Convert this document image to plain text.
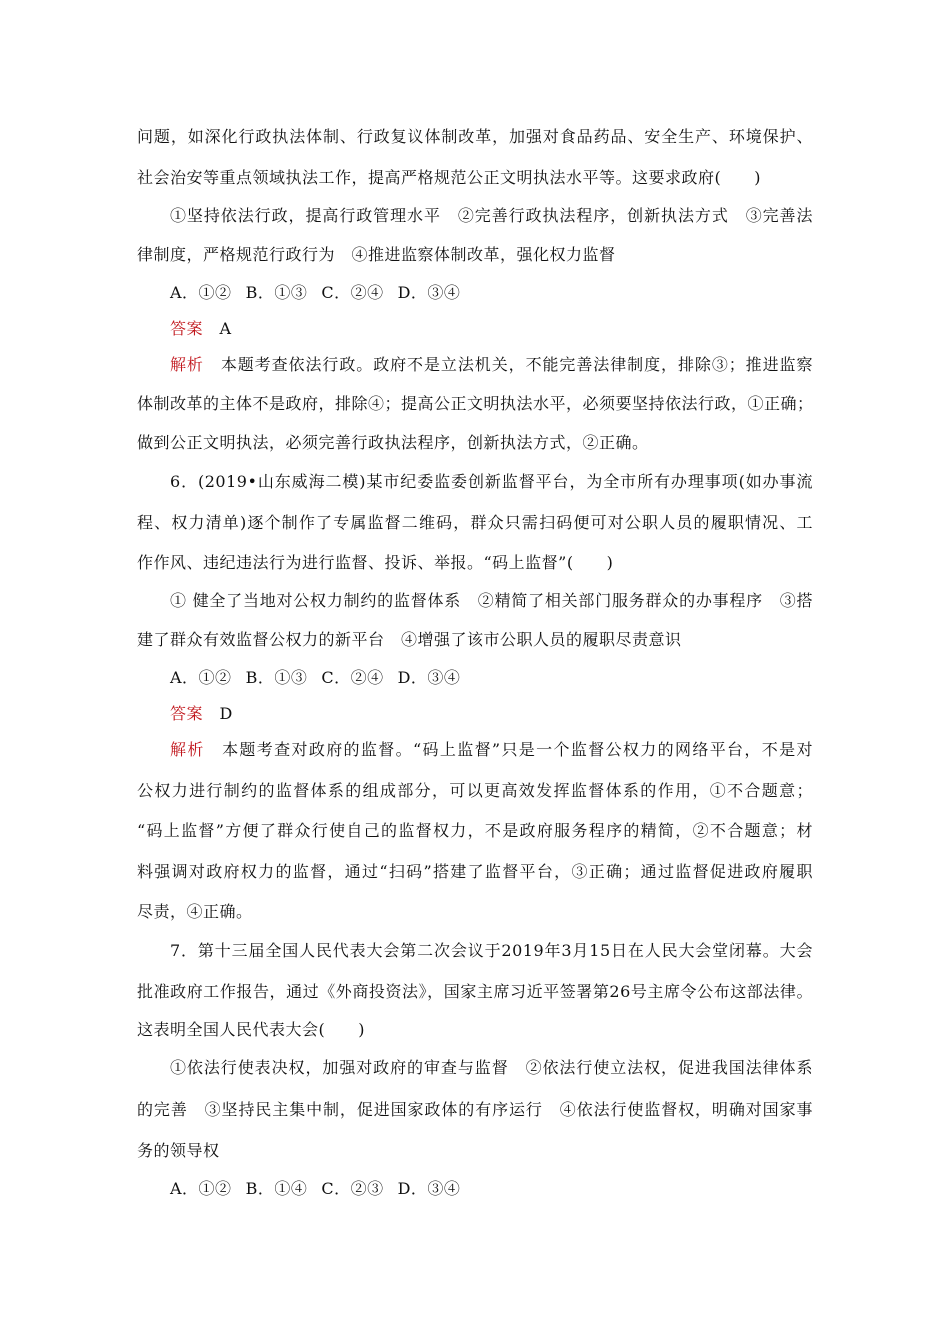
问题，如深化行政执法体制、行政复议体制改革，加强对食品药品、安全生产、环境保护、
社会治安等重点领域执法工作，提高严格规范公正文明执法水平等。这要求政府(　　)
①坚持依法行政，提高行政管理水平　②完善行政执法程序，创新执法方式　③完善法
律制度，严格规范行政行为　④推进监察体制改革，强化权力监督
A．①② B．①③ C．②④ D．③④
答案　 A
解析　 本题考查依法行政。政府不是立法机关，不能完善法律制度，排除③；推进监察
体制改革的主体不是政府，排除④；提高公正文明执法水平，必须要坚持依法行政，①正确；
做到公正文明执法，必须完善行政执法程序，创新执法方式，②正确。
6．(2019•山东威海二模)某市纪委监委创新监督平台，为全市所有办理事项(如办事流
程、权力清单)逐个制作了专属监督二维码，群众只需扫码便可对公职人员的履职情况、工
作作风、违纪违法行为进行监督、投诉、举报。“码上监督”(　　)
① 健全了当地对公权力制约的监督体系　②精简了相关部门服务群众的办事程序　③搭
建了群众有效监督公权力的新平台　④增强了该市公职人员的履职尽责意识
A．①② B．①③ C．②④ D．③④
答案　 D
解析　 本题考查对政府的监督。“码上监督”只是一个监督公权力的网络平台，不是对
公权力进行制约的监督体系的组成部分，可以更高效发挥监督体系的作用，①不合题意；
“码上监督”方便了群众行使自己的监督权力，不是政府服务程序的精简，②不合题意；材
料强调对政府权力的监督，通过“扫码”搭建了监督平台，③正确；通过监督促进政府履职
尽责，④正确。
7．第十三届全国人民代表大会第二次会议于2019年3月15日在人民大会堂闭幕。大会
批准政府工作报告，通过《外商投资法》，国家主席习近平签署第26号主席令公布这部法律。
这表明全国人民代表大会(　　)
①依法行使表决权，加强对政府的审查与监督　②依法行使立法权，促进我国法律体系
的完善　③坚持民主集中制，促进国家政体的有序运行　④依法行使监督权，明确对国家事
务的领导权
A．①② B．①④ C．②③ D．③④
